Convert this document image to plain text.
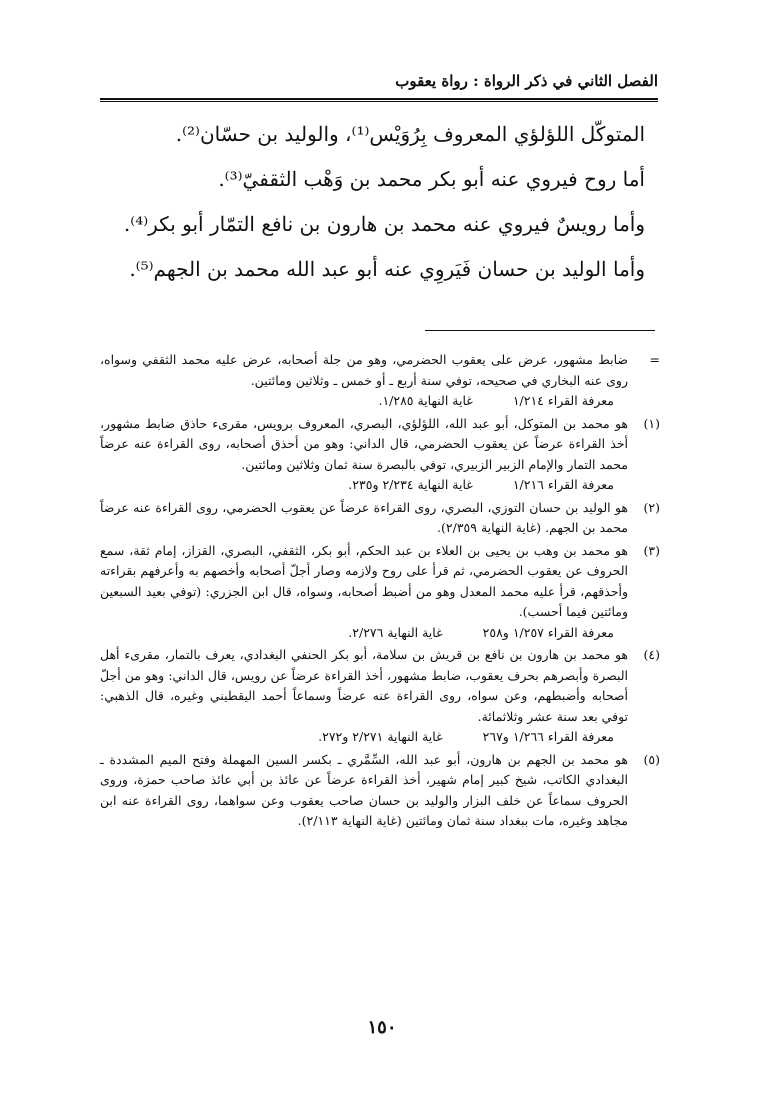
الفصل الثاني في ذكر الرواة : رواة يعقوب

المتوكّل اللؤلؤي المعروف بِرُوَيْس⁽¹⁾، والوليد بن حسّان⁽²⁾.

أما روح فيروي عنه أبو بكر محمد بن وَهْب الثقفيّ⁽³⁾.

وأما رويسٌ فيروي عنه محمد بن هارون بن نافع التمّار أبو بكر⁽⁴⁾.

وأما الوليد بن حسان فَيَروِي عنه أبو عبد الله محمد بن الجهم⁽⁵⁾.

=

ضابط مشهور، عرض على يعقوب الحضرمي، وهو من جلة أصحابه، عرض عليه محمد الثقفي وسواه، روى عنه البخاري في صحيحه، توفي سنة أربع ـ أو خمس ـ وثلاثين ومائتين.

معرفة القراء ١/٢١٤غاية النهاية ١/٢٨٥.

(١)

هو محمد بن المتوكل، أبو عبد الله، اللؤلؤي، البصري، المعروف برويس، مقرىء حاذق ضابط مشهور، أخذ القراءة عرضاً عن يعقوب الحضرمي، قال الداني: وهو من أحذق أصحابه، روى القراءة عنه عرضاً محمد التمار والإمام الزبير الزبيري، توفي بالبصرة سنة ثمان وثلاثين ومائتين.

معرفة القراء ١/٢١٦غاية النهاية ٢/٢٣٤ و٢٣٥.

(٢)

هو الوليد بن حسان التوزي، البصري، روى القراءة عرضاً عن يعقوب الحضرمي، روى القراءة عنه عرضاً محمد بن الجهم. (غاية النهاية ٢/٣٥٩).

(٣)

هو محمد بن وهب بن يحيى بن العلاء بن عبد الحكم، أبو بكر، الثقفي، البصري، القزاز، إمام ثقة، سمع الحروف عن يعقوب الحضرمي، ثم قرأ على روح ولازمه وصار أجلّ أصحابه وأخصهم به وأعرفهم بقراءته وأحذقهم، قرأ عليه محمد المعدل وهو من أضبط أصحابه، وسواه، قال ابن الجزري: (توفي بعيد السبعين ومائتين فيما أحسب).

معرفة القراء ١/٢٥٧ و٢٥٨غاية النهاية ٢/٢٧٦.

(٤)

هو محمد بن هارون بن نافع بن قريش بن سلامة، أبو بكر الحنفي البغدادي، يعرف بالتمار، مقرىء أهل البصرة وأبصرهم بحرف يعقوب، ضابط مشهور، أخذ القراءة عرضاً عن رويس، قال الداني: وهو من أجلّ أصحابه وأضبطهم، وعن سواه، روى القراءة عنه عرضاً وسماعاً أحمد اليقطيني وغيره، قال الذهبي: توفي بعد سنة عشر وثلاثمائة.

معرفة القراء ١/٢٦٦ و٢٦٧غاية النهاية ٢/٢٧١ و٢٧٢.

(٥)

هو محمد بن الجهم بن هارون، أبو عبد الله، السِّمَّري ـ بكسر السين المهملة وفتح الميم المشددة ـ البغدادي الكاتب، شيخ كبير إمام شهير، أخذ القراءة عرضاً عن عائذ بن أبي عائذ صاحب حمزة، وروى الحروف سماعاً عن خلف البزار والوليد بن حسان صاحب يعقوب وعن سواهما، روى القراءة عنه ابن مجاهد وغيره، مات ببغداد سنة ثمان ومائتين (غاية النهاية ٢/١١٣).

١٥٠
